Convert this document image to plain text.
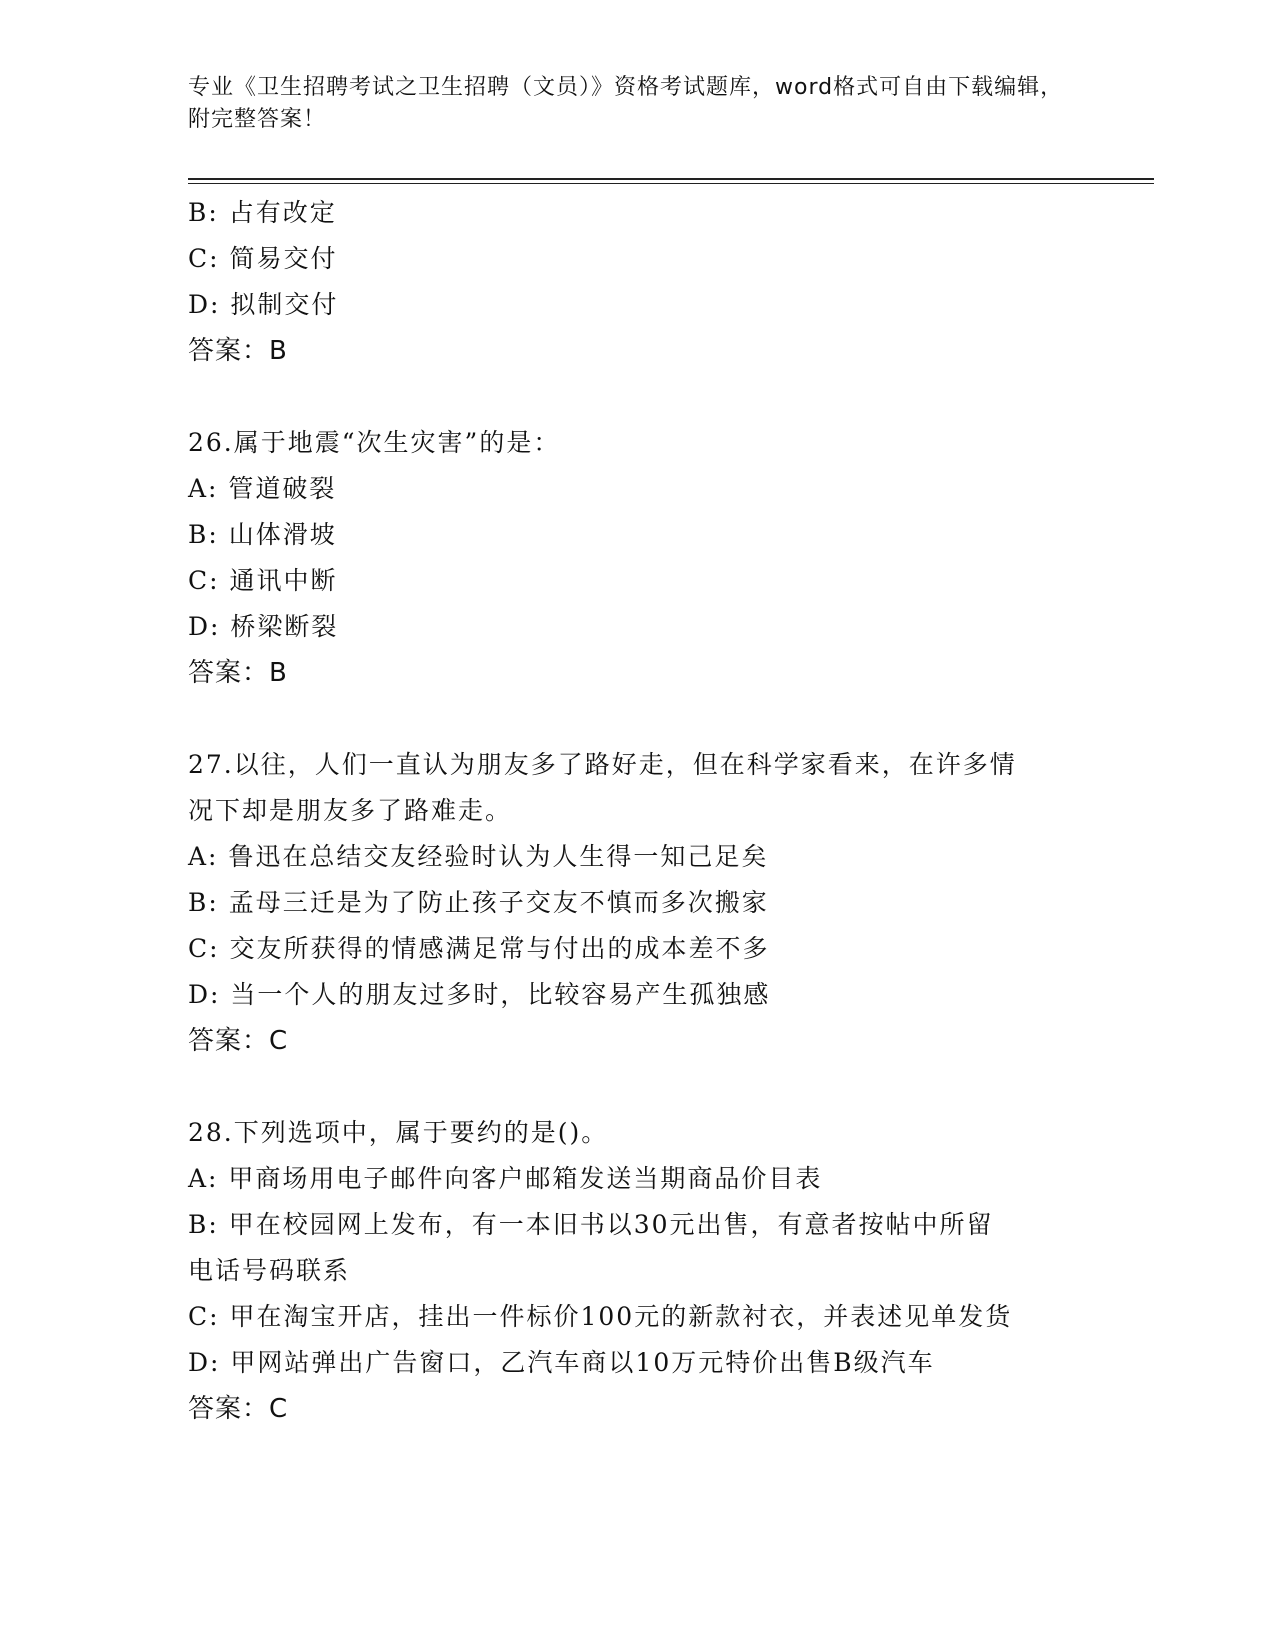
专业《卫生招聘考试之卫生招聘（文员）》资格考试题库，word格式可自由下载编辑，附完整答案！
B: 占有改定
C: 简易交付
D: 拟制交付
答案：B
26.属于地震“次生灾害”的是：
A: 管道破裂
B: 山体滑坡
C: 通讯中断
D: 桥梁断裂
答案：B
27.以往，人们一直认为朋友多了路好走，但在科学家看来，在许多情
况下却是朋友多了路难走。
A: 鲁迅在总结交友经验时认为人生得一知己足矣
B: 孟母三迁是为了防止孩子交友不慎而多次搬家
C: 交友所获得的情感满足常与付出的成本差不多
D: 当一个人的朋友过多时，比较容易产生孤独感
答案：C
28.下列选项中，属于要约的是()。
A: 甲商场用电子邮件向客户邮箱发送当期商品价目表
B: 甲在校园网上发布，有一本旧书以30元出售，有意者按帖中所留
电话号码联系
C: 甲在淘宝开店，挂出一件标价100元的新款衬衣，并表述见单发货
D: 甲网站弹出广告窗口，乙汽车商以10万元特价出售B级汽车
答案：C
